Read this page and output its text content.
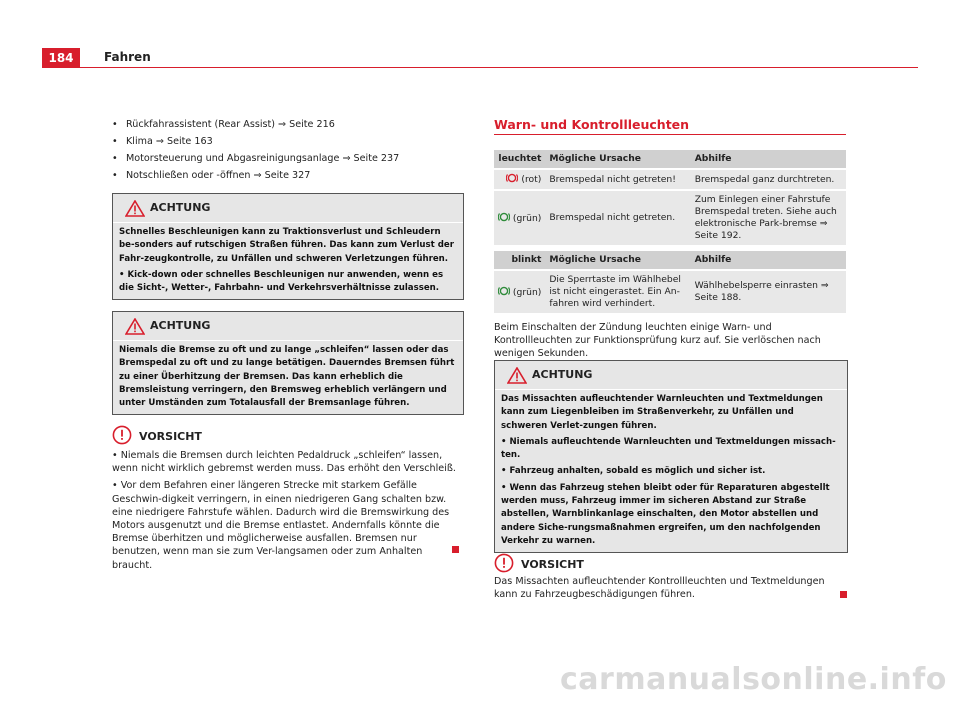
184	Fahren
• Rückfahrassistent (Rear Assist) ⇒ Seite 216
• Klima ⇒ Seite 163
• Motorsteuerung und Abgasreinigungsanlage ⇒ Seite 237
• Notschließen oder -öffnen ⇒ Seite 327
ACHTUNG

Schnelles Beschleunigen kann zu Traktionsverlust und Schleudern be-sonders auf rutschigen Straßen führen. Das kann zum Verlust der Fahr-zeugkontrolle, zu Unfällen und schweren Verletzungen führen.

• Kick-down oder schnelles Beschleunigen nur anwenden, wenn es die Sicht-, Wetter-, Fahrbahn- und Verkehrsverhältnisse zulassen.

ACHTUNG

Niemals die Bremse zu oft und zu lange „schleifen“ lassen oder das Bremspedal zu oft und zu lange betätigen. Dauerndes Bremsen führt zu einer Überhitzung der Bremsen. Das kann erheblich die Bremsleistung verringern, den Bremsweg erheblich verlängern und unter Umständen zum Totalausfall der Bremsanlage führen.

VORSICHT

• Niemals die Bremsen durch leichten Pedaldruck „schleifen“ lassen, wenn nicht wirklich gebremst werden muss. Das erhöht den Verschleiß.

• Vor dem Befahren einer längeren Strecke mit starkem Gefälle Geschwin-digkeit verringern, in einen niedrigeren Gang schalten bzw. eine niedrigere Fahrstufe wählen. Dadurch wird die Bremswirkung des Motors ausgenutzt und die Bremse entlastet. Andernfalls könnte die Bremse überhitzen und möglicherweise ausfallen. Bremsen nur benutzen, wenn man sie zum Ver-langsamen oder zum Anhalten braucht.

Warn- und Kontrollleuchten
leuchtet	Mögliche Ursache	Abhilfe
(rot)	Bremspedal nicht getreten!	Bremspedal ganz durchtreten.
(grün)	Bremspedal nicht getreten.	Zum Einlegen einer Fahrstufe Bremspedal treten. Siehe auch elektronische Park-bremse ⇒ Seite 192.
blinkt	Mögliche Ursache	Abhilfe
(grün)	Die Sperrtaste im Wählhebel ist nicht eingerastet. Ein An-fahren wird verhindert.	Wählhebelsperre einrasten ⇒ Seite 188.
Beim Einschalten der Zündung leuchten einige Warn- und Kontrollleuchten zur Funktionsprüfung kurz auf. Sie verlöschen nach wenigen Sekunden.
ACHTUNG

Das Missachten aufleuchtender Warnleuchten und Textmeldungen kann zum Liegenbleiben im Straßenverkehr, zu Unfällen und schweren Verlet-zungen führen.

• Niemals aufleuchtende Warnleuchten und Textmeldungen missach-ten.

• Fahrzeug anhalten, sobald es möglich und sicher ist.

• Wenn das Fahrzeug stehen bleibt oder für Reparaturen abgestellt werden muss, Fahrzeug immer im sicheren Abstand zur Straße abstellen, Warnblinkanlage einschalten, den Motor abstellen und andere Siche-rungsmaßnahmen ergreifen, um den nachfolgenden Verkehr zu warnen.

VORSICHT
Das Missachten aufleuchtender Kontrollleuchten und Textmeldungen kann zu Fahrzeugbeschädigungen führen.
carmanualsonline.info
